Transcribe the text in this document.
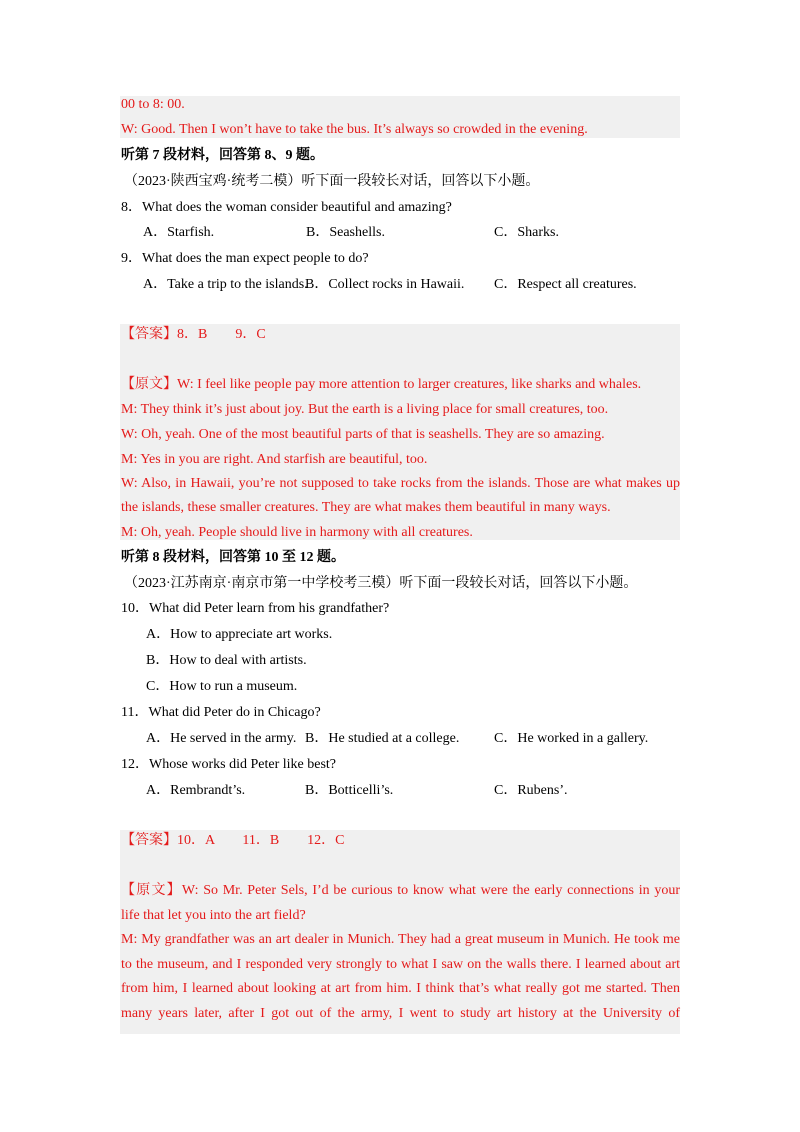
00 to 8: 00.
W: Good. Then I won’t have to take the bus. It’s always so crowded in the evening.
听第 7 段材料，回答第 8、9 题。
（2023·陕西宝鸡·统考二模）听下面一段较长对话，回答以下小题。
8．What does the woman consider beautiful and amazing?
A．Starfish.	B．Seashells.	C．Sharks.
9．What does the man expect people to do?
A．Take a trip to the islands.
B．Collect rocks in Hawaii. C．Respect all creatures.
【答案】8．B　　9．C
【原文】W: I feel like people pay more attention to larger creatures, like sharks and whales.
M: They think it’s just about joy. But the earth is a living place for small creatures, too.
W: Oh, yeah. One of the most beautiful parts of that is seashells. They are so amazing.
M: Yes in you are right. And starfish are beautiful, too.
W: Also, in Hawaii, you’re not supposed to take rocks from the islands. Those are what makes up
the islands, these smaller creatures. They are what makes them beautiful in many ways.
M: Oh, yeah. People should live in harmony with all creatures.
听第 8 段材料，回答第 10 至 12 题。
（2023·江苏南京·南京市第一中学校考三模）听下面一段较长对话，回答以下小题。
10．What did Peter learn from his grandfather?
A．How to appreciate art works.
B．How to deal with artists.
C．How to run a museum.
11．What did Peter do in Chicago?
A．He served in the army. B．He studied at a college. C．He worked in a gallery.
12．Whose works did Peter like best?
A．Rembrandt’s.	B．Botticelli’s.	C．Rubens’.
【答案】10．A　　11．B　　12．C
【原文】W: So Mr. Peter Sels, I’d be curious to know what were the early connections in your
life that let you into the art field?
M: My grandfather was an art dealer in Munich. They had a great museum in Munich. He took me
to the museum, and I responded very strongly to what I saw on the walls there. I learned about art
from him, I learned about looking at art from him. I think that’s what really got me started. Then
many years later, after I got out of the army, I went to study art history at the University of
